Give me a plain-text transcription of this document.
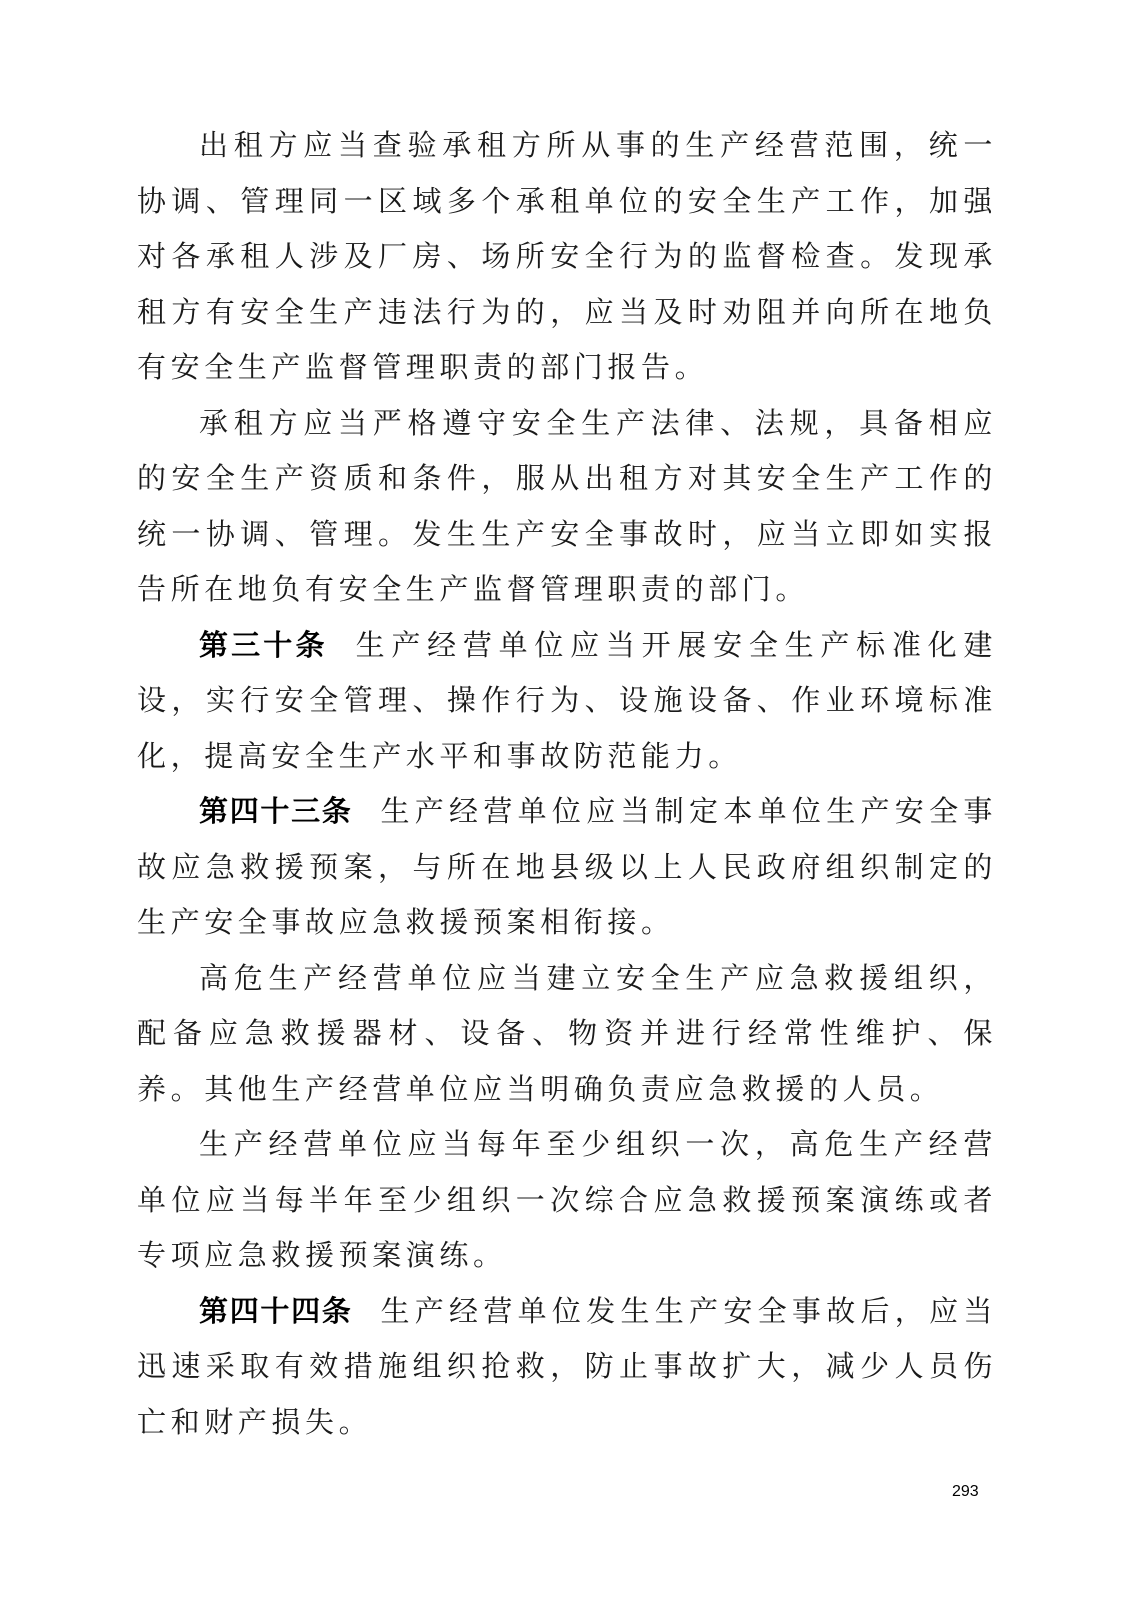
出租方应当查验承租方所从事的生产经营范围，统一协调、管理同一区域多个承租单位的安全生产工作，加强对各承租人涉及厂房、场所安全行为的监督检查。发现承租方有安全生产违法行为的，应当及时劝阻并向所在地负有安全生产监督管理职责的部门报告。

承租方应当严格遵守安全生产法律、法规，具备相应的安全生产资质和条件，服从出租方对其安全生产工作的统一协调、管理。发生生产安全事故时，应当立即如实报告所在地负有安全生产监督管理职责的部门。

第三十条 生产经营单位应当开展安全生产标准化建设，实行安全管理、操作行为、设施设备、作业环境标准化，提高安全生产水平和事故防范能力。

第四十三条 生产经营单位应当制定本单位生产安全事故应急救援预案，与所在地县级以上人民政府组织制定的生产安全事故应急救援预案相衔接。

高危生产经营单位应当建立安全生产应急救援组织，配备应急救援器材、设备、物资并进行经常性维护、保养。其他生产经营单位应当明确负责应急救援的人员。

生产经营单位应当每年至少组织一次，高危生产经营单位应当每半年至少组织一次综合应急救援预案演练或者专项应急救援预案演练。

第四十四条 生产经营单位发生生产安全事故后，应当迅速采取有效措施组织抢救，防止事故扩大，减少人员伤亡和财产损失。

293
